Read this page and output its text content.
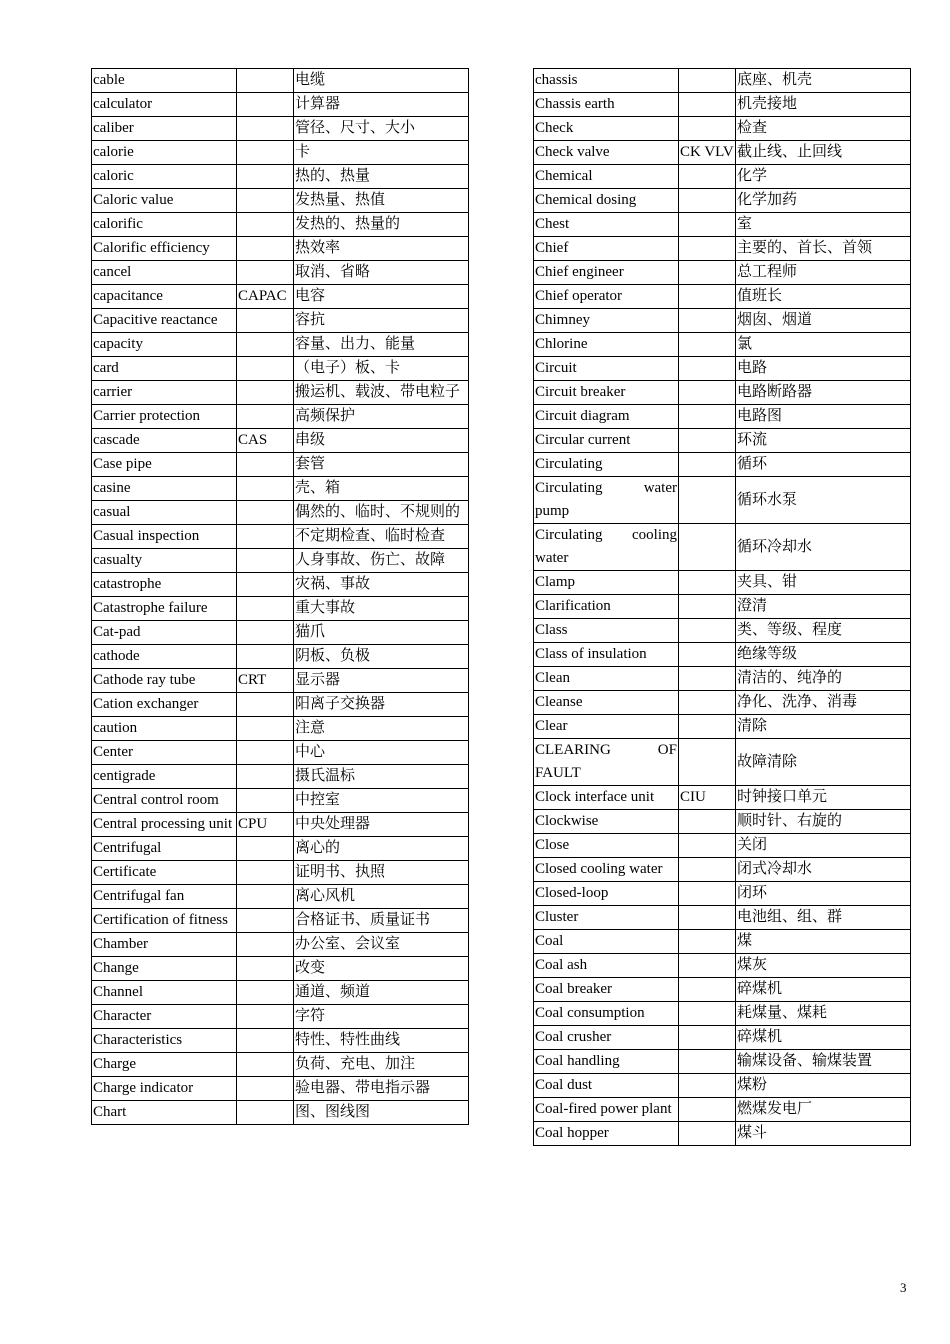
cable		电缆
calculator		计算器
caliber		管径、尺寸、大小
calorie		卡
caloric		热的、热量
Caloric value		发热量、热值
calorific		发热的、热量的
Calorific efficiency		热效率
cancel		取消、省略
capacitance	CAPAC	电容
Capacitive reactance		容抗
capacity		容量、出力、能量
card		（电子）板、卡
carrier		搬运机、载波、带电粒子
Carrier protection		高频保护
cascade	CAS	串级
Case pipe		套管
casine		壳、箱
casual		偶然的、临时、不规则的
Casual inspection		不定期检查、临时检查
casualty		人身事故、伤亡、故障
catastrophe		灾祸、事故
Catastrophe failure		重大事故
Cat-pad		猫爪
cathode		阴板、负极
Cathode ray tube	CRT	显示器
Cation exchanger		阳离子交换器
caution		注意
Center		中心
centigrade		摄氏温标
Central control room		中控室
Central processing unit	CPU	中央处理器
Centrifugal		离心的
Certificate		证明书、执照
Centrifugal fan		离心风机
Certification of fitness		合格证书、质量证书
Chamber		办公室、会议室
Change		改变
Channel		通道、频道
Character		字符
Characteristics		特性、特性曲线
Charge		负荷、充电、加注
Charge indicator		验电器、带电指示器
Chart		图、图线图
chassis		底座、机壳
Chassis earth		机壳接地
Check		检查
Check valve	CK VLV	截止线、止回线
Chemical		化学
Chemical dosing		化学加药
Chest		室
Chief		主要的、首长、首领
Chief engineer		总工程师
Chief operator		值班长
Chimney		烟囱、烟道
Chlorine		氯
Circuit		电路
Circuit breaker		电路断路器
Circuit diagram		电路图
Circular current		环流
Circulating		循环
Circulating water pump		循环水泵
Circulating cooling water		循环冷却水
Clamp		夹具、钳
Clarification		澄清
Class		类、等级、程度
Class of insulation		绝缘等级
Clean		清洁的、纯净的
Cleanse		净化、洗净、消毒
Clear		清除
CLEARING OF FAULT		故障清除
Clock interface unit	CIU	时钟接口单元
Clockwise		顺时针、右旋的
Close		关闭
Closed cooling water		闭式冷却水
Closed-loop		闭环
Cluster		电池组、组、群
Coal		煤
Coal ash		煤灰
Coal breaker		碎煤机
Coal consumption		耗煤量、煤耗
Coal crusher		碎煤机
Coal handling		输煤设备、输煤装置
Coal dust		煤粉
Coal-fired power plant		燃煤发电厂
Coal hopper		煤斗
3
